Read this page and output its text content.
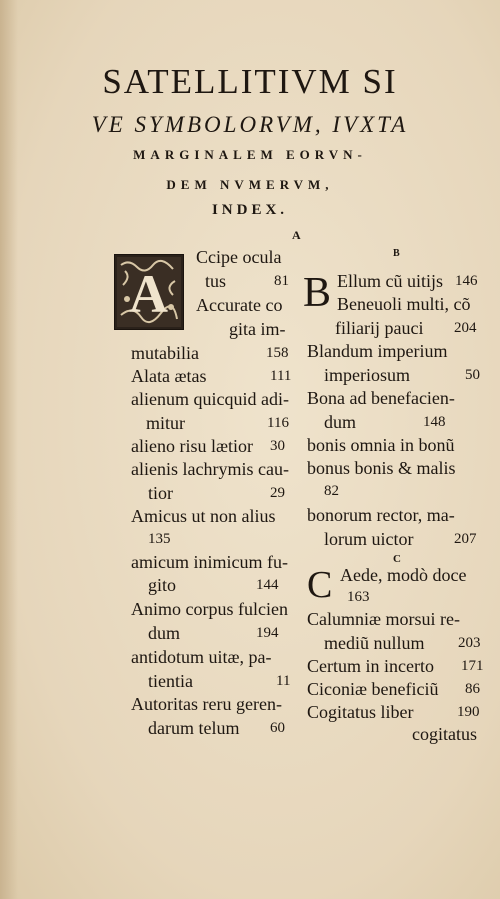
SATELLITIVM SI
VE SYMBOLORVM, IVXTA
MARGINALEM EORVN-
DEM NVMERVM,
INDEX.
A
A
Ccipe ocula
tus	81
Accurate co
gita im-
mutabilia	158
Alata ætas	111
alienum quicquid adi-
mitur	116
alieno risu lætior 30
alienis lachrymis cau-
tior	29
Amicus ut non alius
135
amicum inimicum fu-
gito	144
Animo corpus fulcien
dum	194
antidotum uitæ, pa-
tientia	11
Autoritas reru geren-
darum telum 60
B
B Ellum cũ uitijs 146
Beneuoli multi, cõ
filiarij pauci 204
Blandum imperium
imperiosum	50
Bona ad benefacien-
dum	148
bonis omnia in bonũ
bonus bonis & malis
82
bonorum rector, ma-
lorum uictor	207
C
C Aede, modò doce
163
Calumniæ morsui re-
mediũ nullum 203
Certum in incerto 171
Ciconiæ beneficiũ 86
Cogitatus liber	190
cogitatus
